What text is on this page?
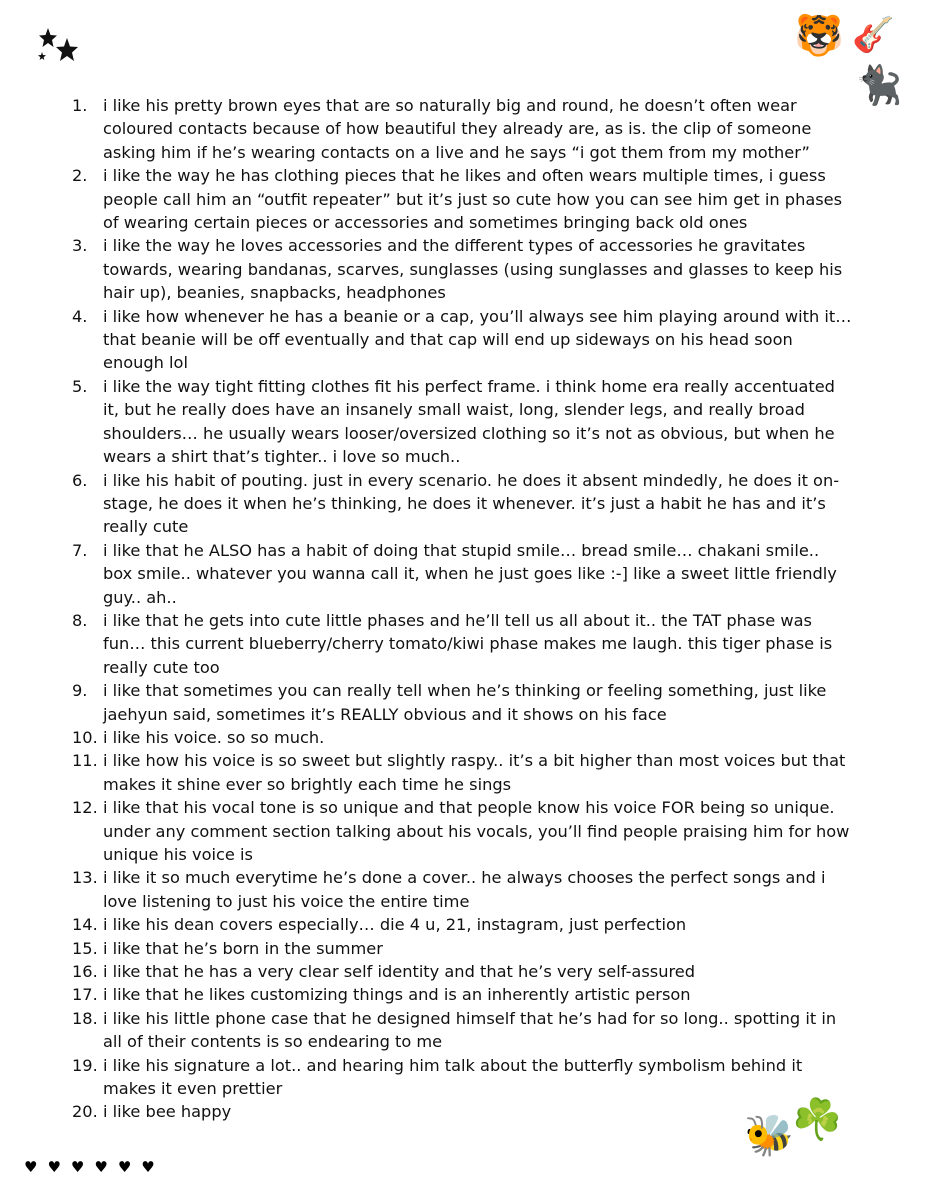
🐯 🎸
🐈‍⬛
🐝
☘️
♥ ♥ ♥ ♥ ♥ ♥
1. i like his pretty brown eyes that are so naturally big and round, he doesn’t often wear coloured contacts because of how beautiful they already are, as is. the clip of someone asking him if he’s wearing contacts on a live and he says “i got them from my mother”
2. i like the way he has clothing pieces that he likes and often wears multiple times, i guess people call him an “outfit repeater” but it’s just so cute how you can see him get in phases of wearing certain pieces or accessories and sometimes bringing back old ones
3. i like the way he loves accessories and the different types of accessories he gravitates towards, wearing bandanas, scarves, sunglasses (using sunglasses and glasses to keep his hair up), beanies, snapbacks, headphones
4. i like how whenever he has a beanie or a cap, you’ll always see him playing around with it… that beanie will be off eventually and that cap will end up sideways on his head soon enough lol
5. i like the way tight fitting clothes fit his perfect frame. i think home era really accentuated it, but he really does have an insanely small waist, long, slender legs, and really broad shoulders… he usually wears looser/oversized clothing so it’s not as obvious, but when he wears a shirt that’s tighter.. i love so much..
6. i like his habit of pouting. just in every scenario. he does it absent mindedly, he does it on-stage, he does it when he’s thinking, he does it whenever. it’s just a habit he has and it’s really cute
7. i like that he ALSO has a habit of doing that stupid smile… bread smile… chakani smile.. box smile.. whatever you wanna call it, when he just goes like :-] like a sweet little friendly guy.. ah..
8. i like that he gets into cute little phases and he’ll tell us all about it.. the TAT phase was fun… this current blueberry/cherry tomato/kiwi phase makes me laugh. this tiger phase is really cute too
9. i like that sometimes you can really tell when he’s thinking or feeling something, just like jaehyun said, sometimes it’s REALLY obvious and it shows on his face
10. i like his voice. so so much.
11. i like how his voice is so sweet but slightly raspy.. it’s a bit higher than most voices but that makes it shine ever so brightly each time he sings
12. i like that his vocal tone is so unique and that people know his voice FOR being so unique. under any comment section talking about his vocals, you’ll find people praising him for how unique his voice is
13. i like it so much everytime he’s done a cover.. he always chooses the perfect songs and i love listening to just his voice the entire time
14. i like his dean covers especially… die 4 u, 21, instagram, just perfection
15. i like that he’s born in the summer
16. i like that he has a very clear self identity and that he’s very self-assured
17. i like that he likes customizing things and is an inherently artistic person
18. i like his little phone case that he designed himself that he’s had for so long.. spotting it in all of their contents is so endearing to me
19. i like his signature a lot.. and hearing him talk about the butterfly symbolism behind it makes it even prettier
20. i like bee happy
